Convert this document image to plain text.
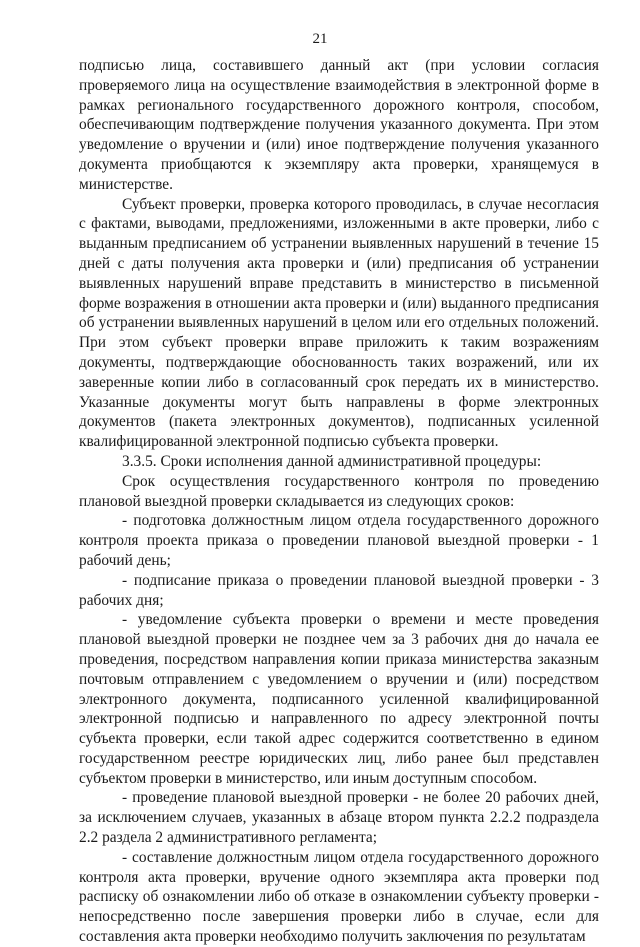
21

подписью лица, составившего данный акт (при условии согласия проверяемого лица на осуществление взаимодействия в электронной форме в рамках регионального государственного дорожного контроля, способом, обеспечивающим подтверждение получения указанного документа. При этом уведомление о вручении и (или) иное подтверждение получения указанного документа приобщаются к экземпляру акта проверки, хранящемуся в министерстве.

Субъект проверки, проверка которого проводилась, в случае несогласия с фактами, выводами, предложениями, изложенными в акте проверки, либо с выданным предписанием об устранении выявленных нарушений в течение 15 дней с даты получения акта проверки и (или) предписания об устранении выявленных нарушений вправе представить в министерство в письменной форме возражения в отношении акта проверки и (или) выданного предписания об устранении выявленных нарушений в целом или его отдельных положений. При этом субъект проверки вправе приложить к таким возражениям документы, подтверждающие обоснованность таких возражений, или их заверенные копии либо в согласованный срок передать их в министерство. Указанные документы могут быть направлены в форме электронных документов (пакета электронных документов), подписанных усиленной квалифицированной электронной подписью субъекта проверки.

3.3.5. Сроки исполнения данной административной процедуры:

Срок осуществления государственного контроля по проведению плановой выездной проверки складывается из следующих сроков:

- подготовка должностным лицом отдела государственного дорожного контроля проекта приказа о проведении плановой выездной проверки - 1 рабочий день;

- подписание приказа о проведении плановой выездной проверки - 3 рабочих дня;

- уведомление субъекта проверки о времени и месте проведения плановой выездной проверки не позднее чем за 3 рабочих дня до начала ее проведения, посредством направления копии приказа министерства заказным почтовым отправлением с уведомлением о вручении и (или) посредством электронного документа, подписанного усиленной квалифицированной электронной подписью и направленного по адресу электронной почты субъекта проверки, если такой адрес содержится соответственно в едином государственном реестре юридических лиц, либо ранее был представлен субъектом проверки в министерство, или иным доступным способом.

- проведение плановой выездной проверки - не более 20 рабочих дней, за исключением случаев, указанных в абзаце втором пункта 2.2.2 подраздела 2.2 раздела 2 административного регламента;

- составление должностным лицом отдела государственного дорожного контроля акта проверки, вручение одного экземпляра акта проверки под расписку об ознакомлении либо об отказе в ознакомлении субъекту проверки - непосредственно после завершения проверки либо в случае, если для составления акта проверки необходимо получить заключения по результатам
